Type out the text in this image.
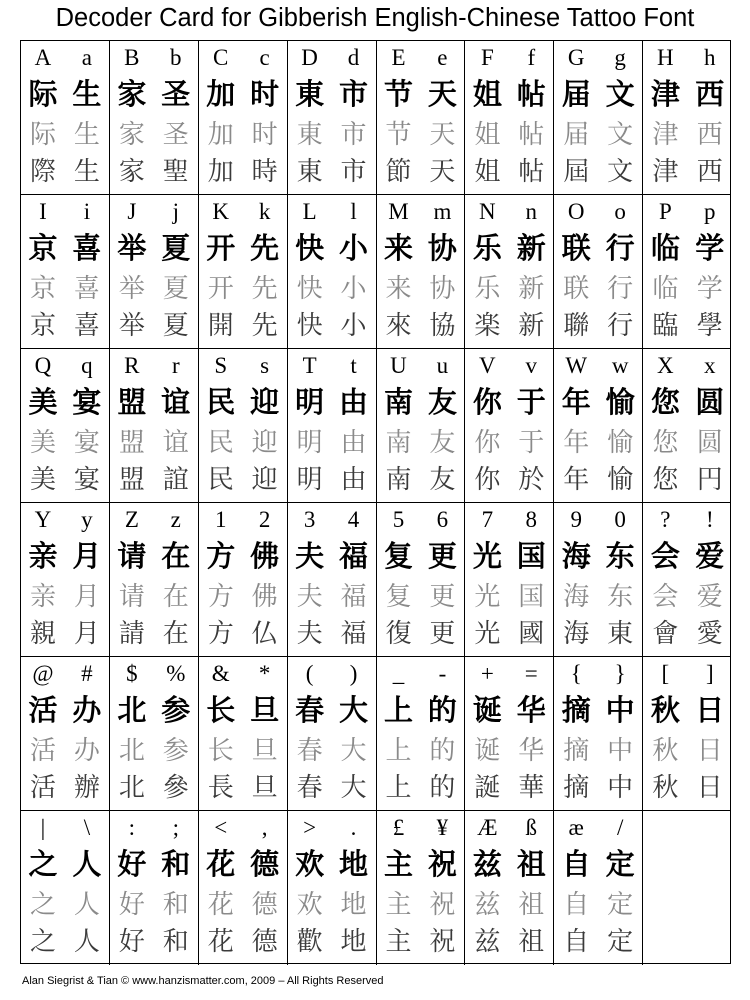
Decoder Card for Gibberish English-Chinese Tattoo Font
A
际
际
際
a
生
生
生
B
家
家
家
b
圣
圣
聖
C
加
加
加
c
时
时
時
D
東
東
東
d
市
市
市
E
节
节
節
e
天
天
天
F
姐
姐
姐
f
帖
帖
帖
G
届
届
屆
g
文
文
文
H
津
津
津
h
西
西
西
I
京
京
京
i
喜
喜
喜
J
举
举
举
j
夏
夏
夏
K
开
开
開
k
先
先
先
L
快
快
快
l
小
小
小
M
来
来
來
m
协
协
協
N
乐
乐
楽
n
新
新
新
O
联
联
聯
o
行
行
行
P
临
临
臨
p
学
学
學
Q
美
美
美
q
宴
宴
宴
R
盟
盟
盟
r
谊
谊
誼
S
民
民
民
s
迎
迎
迎
T
明
明
明
t
由
由
由
U
南
南
南
u
友
友
友
V
你
你
你
v
于
于
於
W
年
年
年
w
愉
愉
愉
X
您
您
您
x
圆
圆
円
Y
亲
亲
親
y
月
月
月
Z
请
请
請
z
在
在
在
1
方
方
方
2
佛
佛
仏
3
夫
夫
夫
4
福
福
福
5
复
复
復
6
更
更
更
7
光
光
光
8
国
国
國
9
海
海
海
0
东
东
東
?
会
会
會
!
爱
爱
愛
@
活
活
活
#
办
办
辦
$
北
北
北
%
参
参
參
&
长
长
長
*
旦
旦
旦
(
春
春
春
)
大
大
大
_
上
上
上
-
的
的
的
+
诞
诞
誕
=
华
华
華
{
摘
摘
摘
}
中
中
中
[
秋
秋
秋
]
日
日
日
|
之
之
之
\
人
人
人
:
好
好
好
;
和
和
和
<
花
花
花
,
德
德
德
>
欢
欢
歡
.
地
地
地
£
主
主
主
¥
祝
祝
祝
Æ
兹
兹
兹
ß
祖
祖
祖
æ
自
自
自
/
定
定
定
Alan Siegrist & Tian © www.hanzismatter.com, 2009 – All Rights Reserved
